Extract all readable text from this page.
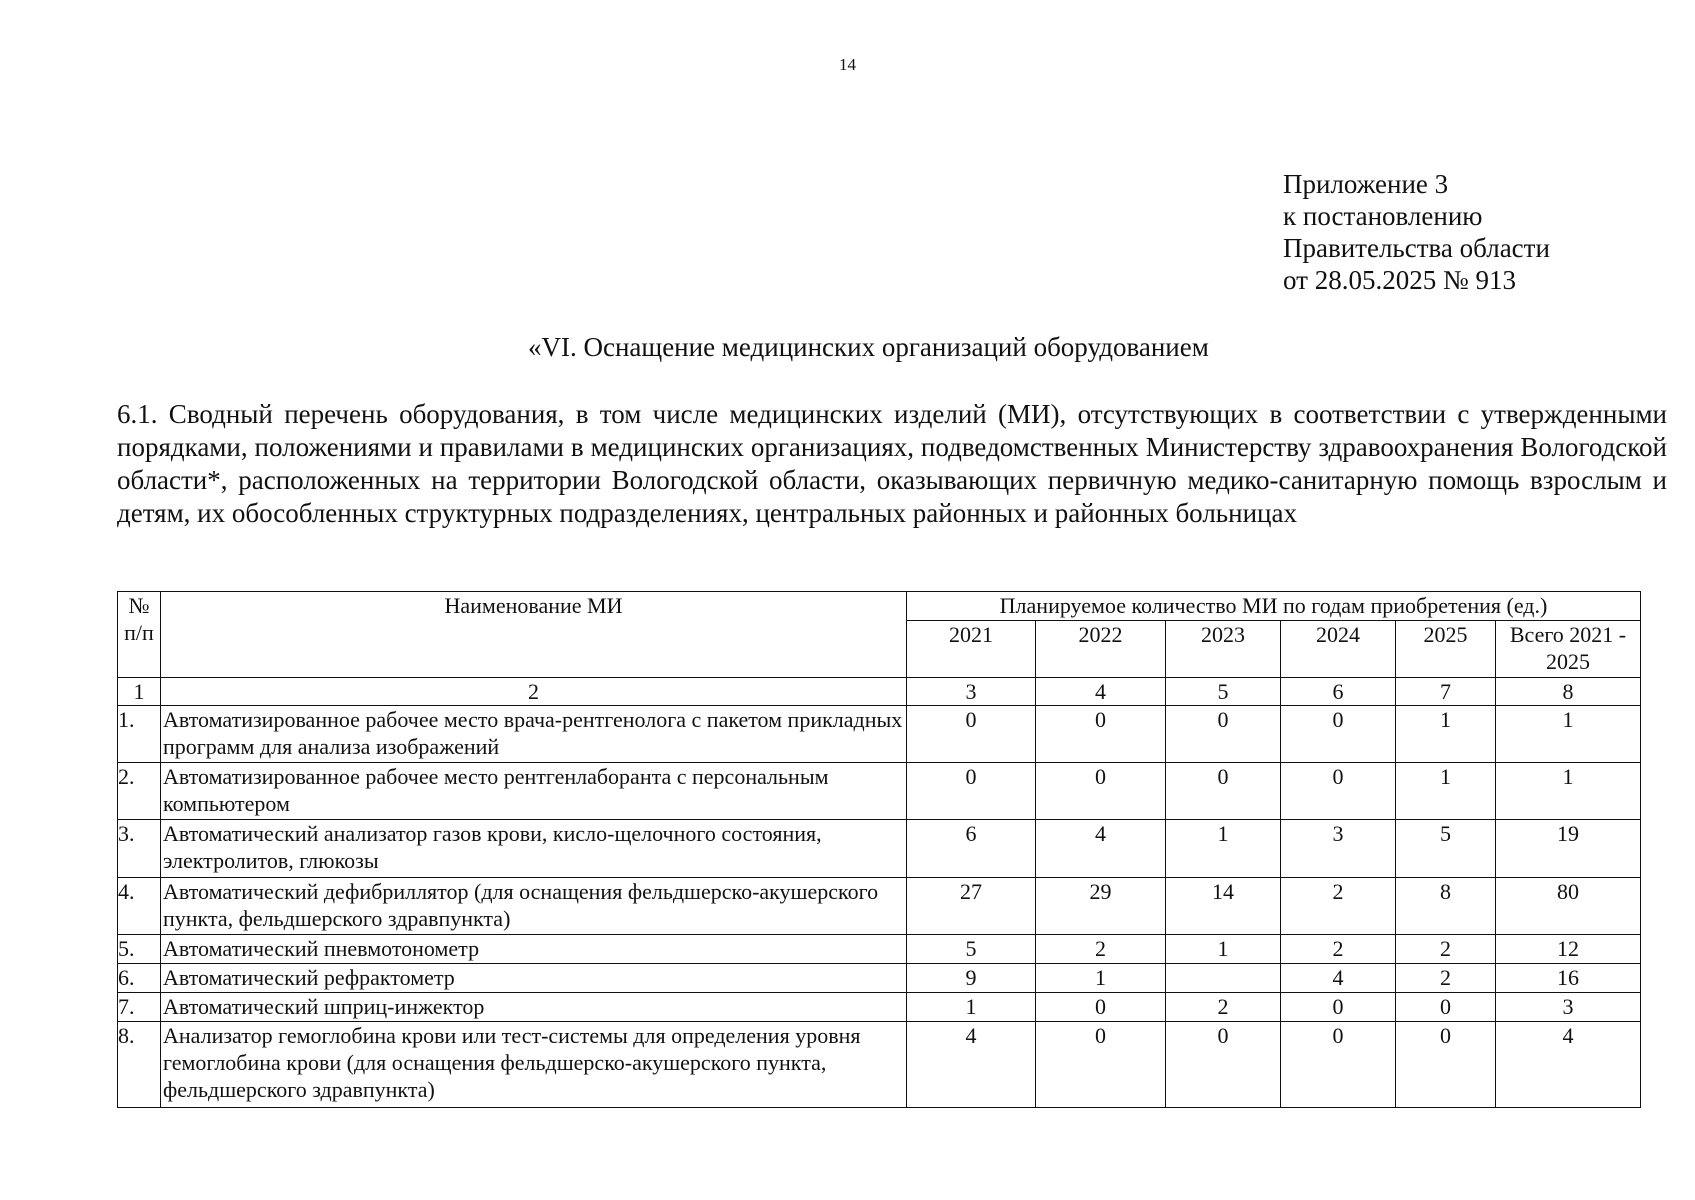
14
Приложение 3
к постановлению
Правительства области
от 28.05.2025 № 913
«VI. Оснащение медицинских организаций оборудованием

6.1. Сводный перечень оборудования, в том числе медицинских изделий (МИ), отсутствующих в соответствии с утвержденными порядками, положениями и правилами в медицинских организациях, подведомственных Министерству здравоохранения Вологодской области*, расположенных на территории Вологодской области, оказывающих первичную медико-санитарную помощь взрослым и детям, их обособленных структурных подразделениях, центральных районных и районных больницах

№ п/п	Наименование МИ	Планируемое количество МИ по годам приобретения (ед.)					
		2021	2022	2023	2024	2025	Всего 2021 - 2025
1	2	3	4	5	6	7	8
1.	Автоматизированное рабочее место врача-рентгенолога с пакетом прикладных программ для анализа изображений	0	0	0	0	1	1
2.	Автоматизированное рабочее место рентгенлаборанта с персональным компьютером	0	0	0	0	1	1
3.	Автоматический анализатор газов крови, кисло-щелочного состояния, электролитов, глюкозы	6	4	1	3	5	19
4.	Автоматический дефибриллятор (для оснащения фельдшерско-акушерского пункта, фельдшерского здравпункта)	27	29	14	2	8	80
5.	Автоматический пневмотонометр	5	2	1	2	2	12
6.	Автоматический рефрактометр	9	1		4	2	16
7.	Автоматический шприц-инжектор	1	0	2	0	0	3
8.	Анализатор гемоглобина крови или тест-системы для определения уровня гемоглобина крови (для оснащения фельдшерско-акушерского пункта, фельдшерского здравпункта)	4	0	0	0	0	4
